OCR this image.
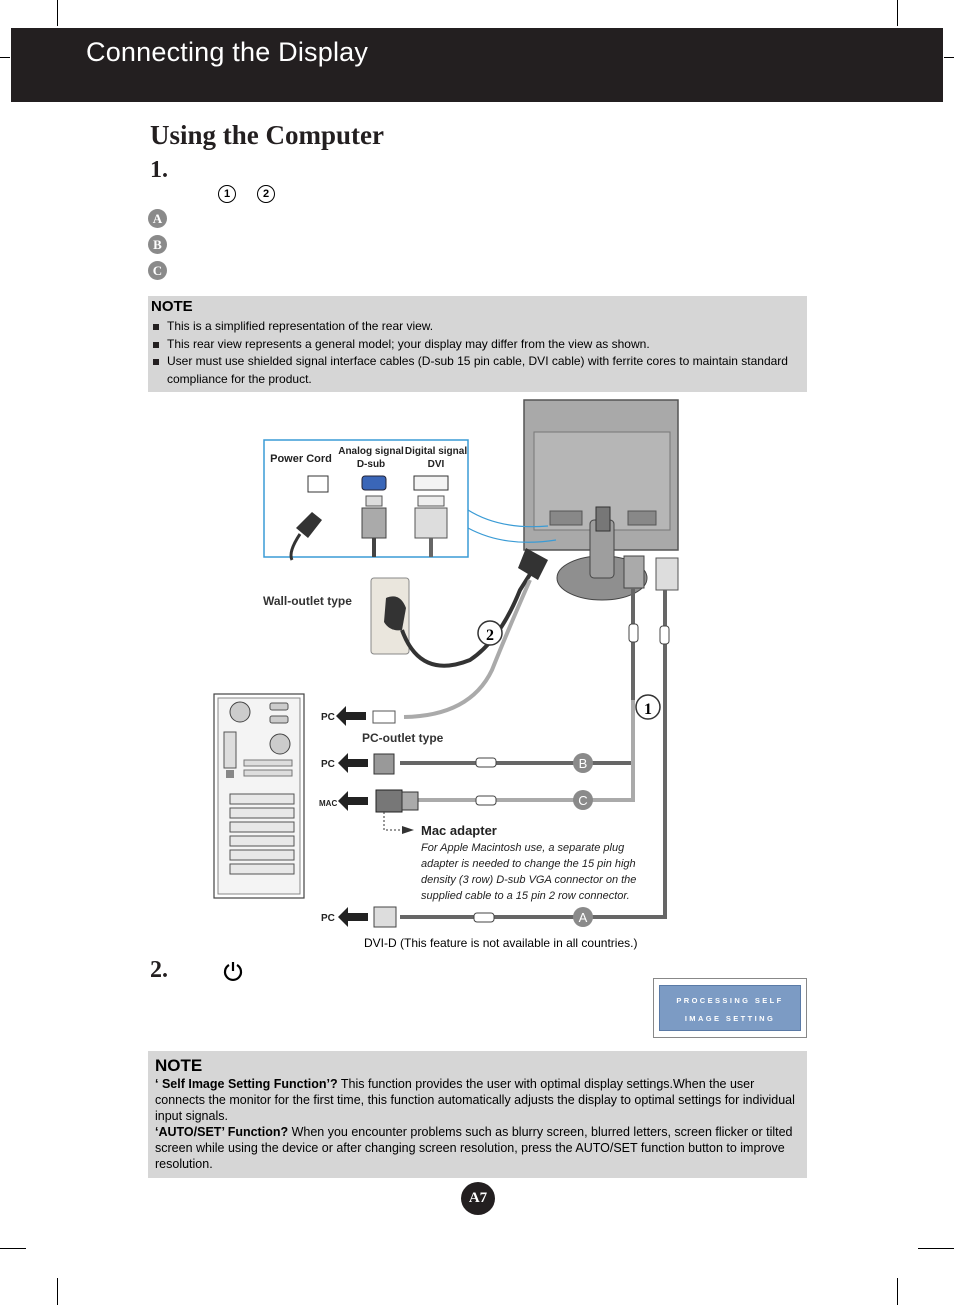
Connecting the Display
Using the Computer
1.
1	2
A
B
C
NOTE
This is a simplified representation of the rear view.
This rear view represents a general model; your display may differ from the view as shown.
User must use shielded signal interface cables (D-sub 15 pin cable, DVI cable) with ferrite cores to maintain standard compliance for the product.
Power Cord
Analog signal
D-sub
Digital signal
DVI
Wall-outlet type
2
1
B
C
A
PC
PC
MAC
PC
PC-outlet type
Mac adapter
For Apple Macintosh use, a separate plug
adapter is needed to change the 15 pin high
density (3 row) D-sub VGA connector on the
supplied cable to a 15 pin 2 row connector.
DVI-D (This feature is not available in all countries.)
2.
PROCESSING SELF
IMAGE SETTING
NOTE
‘ Self Image Setting Function’? This function provides the user with optimal display settings.When the user connects the monitor for the first time, this function automatically adjusts the display to optimal settings for individual input signals.
‘AUTO/SET’ Function? When you encounter problems such as blurry screen, blurred letters, screen flicker or tilted screen while using the device or after changing screen resolution, press the AUTO/SET function button to improve resolution.
A7
